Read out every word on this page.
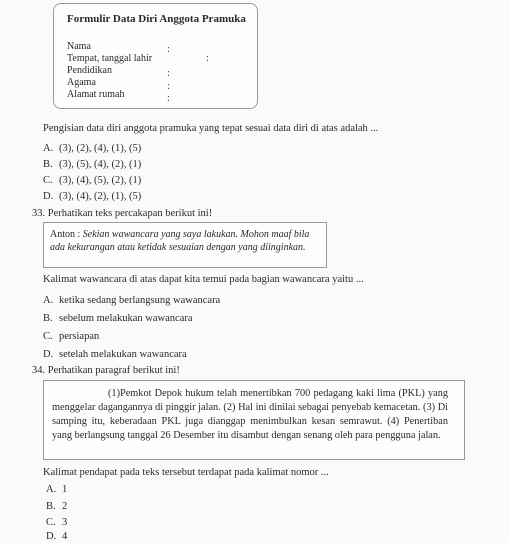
Formulir Data Diri Anggota Pramuka
Nama	:
Tempat, tanggal lahir	:
Pendidikan	:
Agama	:
Alamat rumah	:
Pengisian data diri anggota pramuka yang tepat sesuai data diri di atas adalah ...
A. (3), (2), (4), (1), (5)
B. (3), (5), (4), (2), (1)
C. (3), (4), (5), (2), (1)
D. (3), (4), (2), (1), (5)
33. Perhatikan teks percakapan berikut ini!
Anton : Sekian wawancara yang saya lakukan. Mohon maaf bila ada kekurangan atau ketidak sesuaian dengan yang diinginkan.
Kalimat wawancara di atas dapat kita temui pada bagian wawancara yaitu ...
A. ketika sedang berlangsung wawancara
B. sebelum melakukan wawancara
C. persiapan
D. setelah melakukan wawancara
34. Perhatikan paragraf berikut ini!
(1)Pemkot Depok hukum telah menertibkan 700 pedagang kaki lima (PKL) yang menggelar dagangannya di pinggir jalan. (2) Hal ini dinilai sebagai penyebab kemacetan. (3) Di samping itu, keberadaan PKL juga dianggap menimbulkan kesan semrawut. (4) Penertiban yang berlangsung tanggal 26 Desember itu disambut dengan senang oleh para pengguna jalan.
Kalimat pendapat pada teks tersebut terdapat pada kalimat nomor ...
A. 1
B. 2
C. 3
D. 4
